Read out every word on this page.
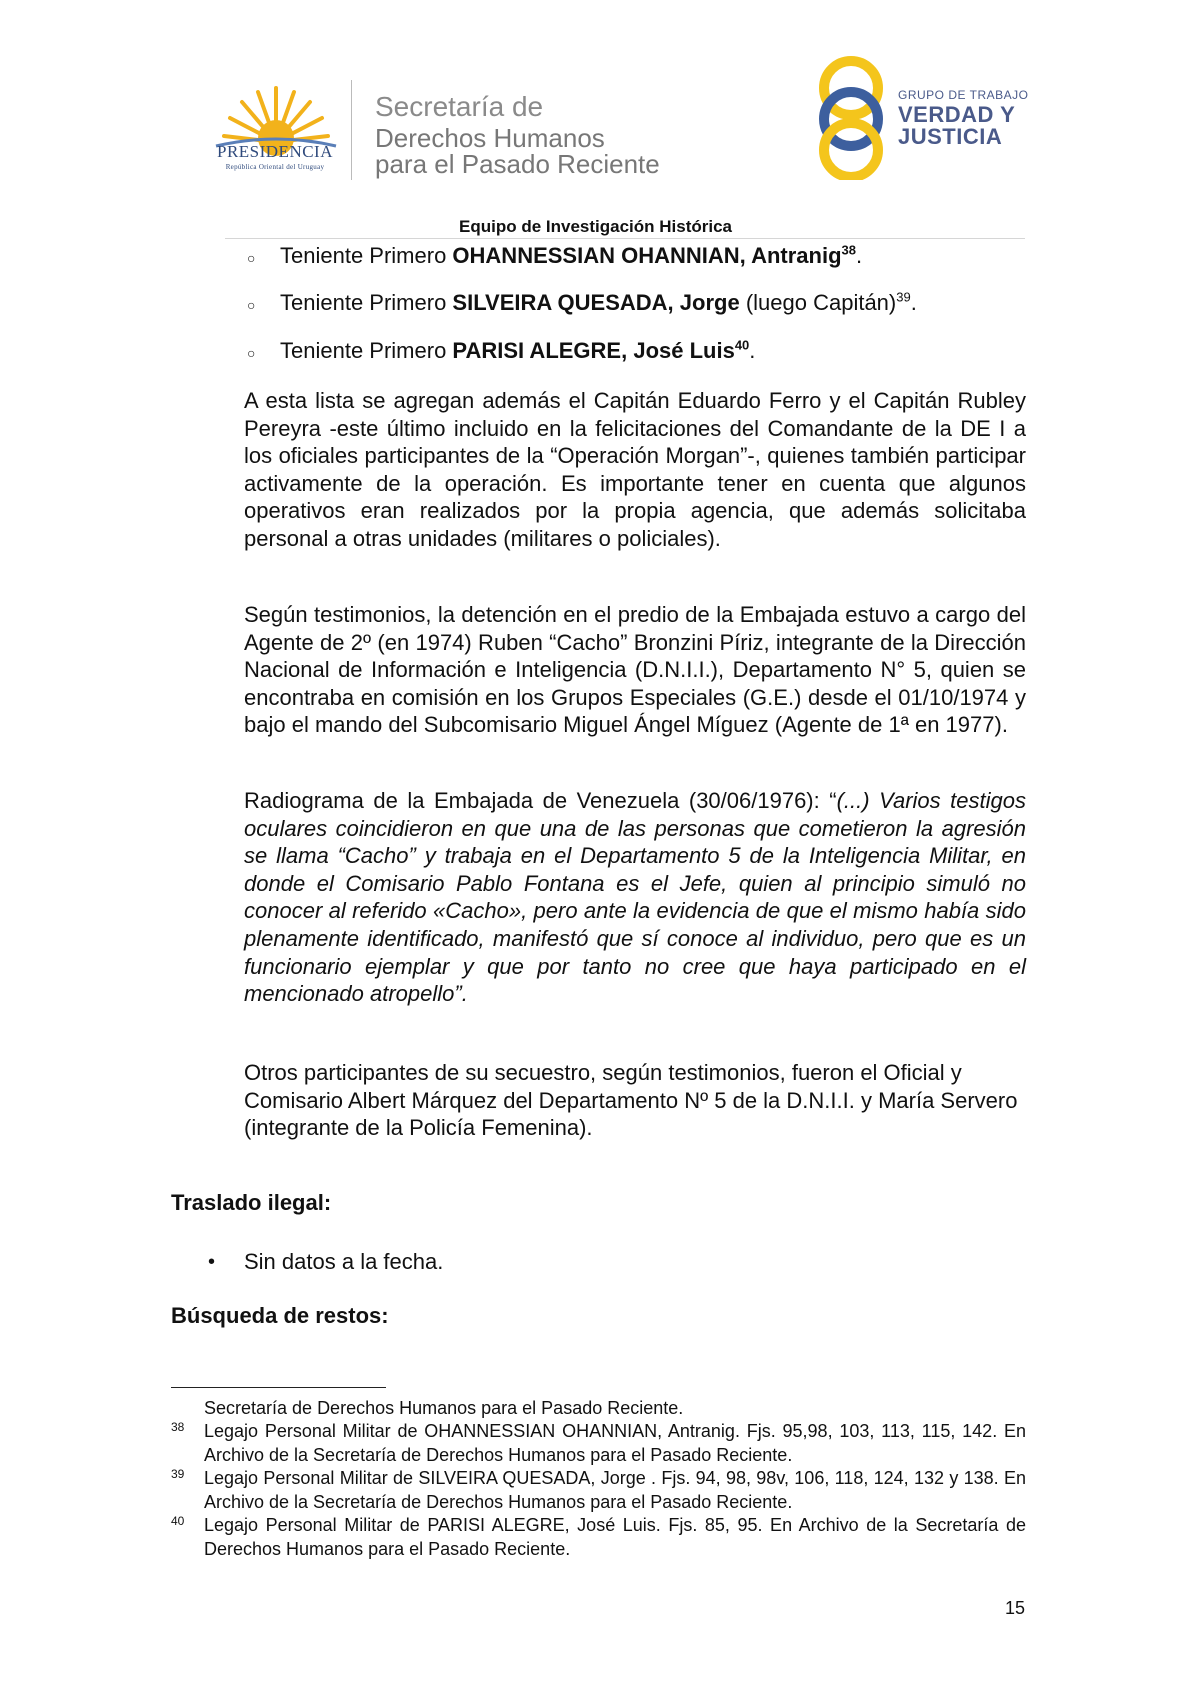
PRESIDENCIA
República Oriental del Uruguay
Secretaría de
Derechos Humanos
para el Pasado Reciente
GRUPO DE TRABAJO
VERDAD Y
JUSTICIA
Equipo de Investigación Histórica
○ Teniente Primero OHANNESSIAN OHANNIAN, Antranig$^{38}$.
○ Teniente Primero SILVEIRA QUESADA, Jorge (luego Capitán)$^{39}$.
○ Teniente Primero PARISI ALEGRE, José Luis$^{40}$.
A esta lista se agregan además el Capitán Eduardo Ferro y el Capitán Rubley Pereyra -este último incluido en la felicitaciones del Comandante de la DE I a los oficiales participantes de la “Operación Morgan”-, quienes también participar activamente de la operación. Es importante tener en cuenta que algunos operativos eran realizados por la propia agencia, que además solicitaba personal a otras unidades (militares o policiales).
Según testimonios, la detención en el predio de la Embajada estuvo a cargo del Agente de 2º (en 1974) Ruben “Cacho” Bronzini Píriz, integrante de la Dirección Nacional de Información e Inteligencia (D.N.I.I.), Departamento N° 5, quien se encontraba en comisión en los Grupos Especiales (G.E.) desde el 01/10/1974 y bajo el mando del Subcomisario Miguel Ángel Míguez (Agente de 1ª en 1977).
Radiograma de la Embajada de Venezuela (30/06/1976): “(...) Varios testigos oculares coincidieron en que una de las personas que cometieron la agresión se llama “Cacho” y trabaja en el Departamento 5 de la Inteligencia Militar, en donde el Comisario Pablo Fontana es el Jefe, quien al principio simuló no conocer al referido «Cacho», pero ante la evidencia de que el mismo había sido plenamente identificado, manifestó que sí conoce al individuo, pero que es un funcionario ejemplar y que por tanto no cree que haya participado en el mencionado atropello”.
Otros participantes de su secuestro, según testimonios, fueron el Oficial y Comisario Albert Márquez del Departamento Nº 5 de la D.N.I.I. y María Servero (integrante de la Policía Femenina).
Traslado ilegal:
• Sin datos a la fecha.
Búsqueda de restos:
Secretaría de Derechos Humanos para el Pasado Reciente.
38 Legajo Personal Militar de OHANNESSIAN OHANNIAN, Antranig. Fjs. 95,98, 103, 113, 115, 142. En Archivo de la Secretaría de Derechos Humanos para el Pasado Reciente.
39 Legajo Personal Militar de SILVEIRA QUESADA, Jorge . Fjs. 94, 98, 98v, 106, 118, 124, 132 y 138. En Archivo de la Secretaría de Derechos Humanos para el Pasado Reciente.
40 Legajo Personal Militar de PARISI ALEGRE, José Luis. Fjs. 85, 95. En Archivo de la Secretaría de Derechos Humanos para el Pasado Reciente.
15
